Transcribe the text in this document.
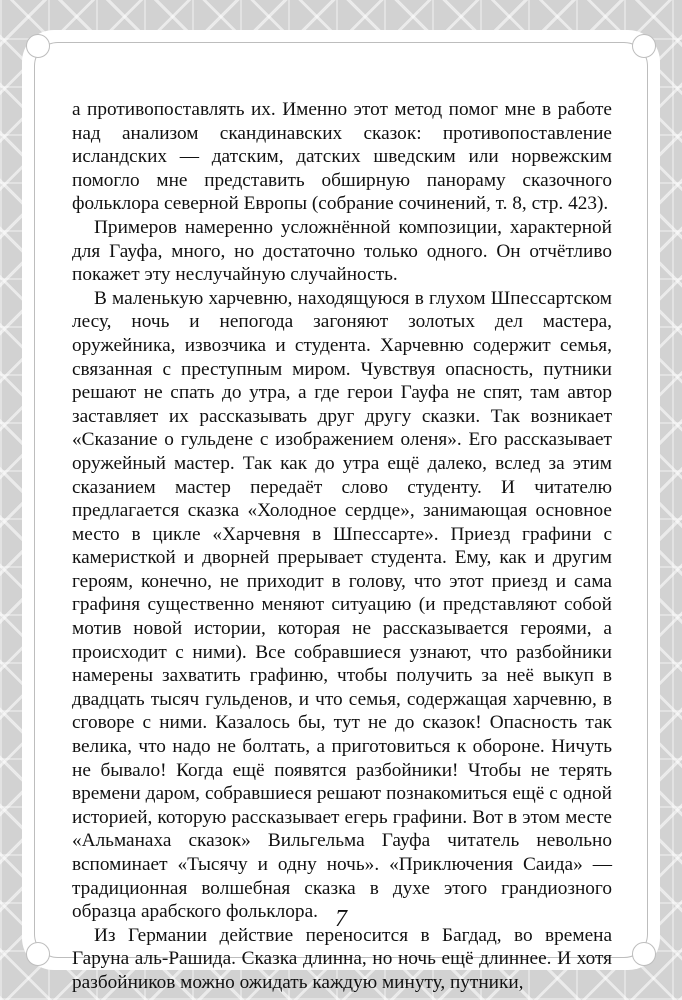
а противопоставлять их. Именно этот метод помог мне в работе над анализом скандинавских сказок: противопоставление исландских — датским, датских шведским или норвежским помогло мне представить обширную панораму сказочного фольклора северной Европы (собрание сочинений, т. 8, стр. 423).

Примеров намеренно усложнённой композиции, характерной для Гауфа, много, но достаточно только одного. Он отчётливо покажет эту неслучайную случайность.

В маленькую харчевню, находящуюся в глухом Шпессартском лесу, ночь и непогода загоняют золотых дел мастера, оружейника, извозчика и студента. Харчевню содержит семья, связанная с преступным миром. Чувствуя опасность, путники решают не спать до утра, а где герои Гауфа не спят, там автор заставляет их рассказывать друг другу сказки. Так возникает «Сказание о гульдене с изображением оленя». Его рассказывает оружейный мастер. Так как до утра ещё далеко, вслед за этим сказанием мастер передаёт слово студенту. И читателю предлагается сказка «Холодное сердце», занимающая основное место в цикле «Харчевня в Шпессарте». Приезд графини с камеристкой и дворней прерывает студента. Ему, как и другим героям, конечно, не приходит в голову, что этот приезд и сама графиня существенно меняют ситуацию (и представляют собой мотив новой истории, которая не рассказывается героями, а происходит с ними). Все собравшиеся узнают, что разбойники намерены захватить графиню, чтобы получить за неё выкуп в двадцать тысяч гульденов, и что семья, содержащая харчевню, в сговоре с ними. Казалось бы, тут не до сказок! Опасность так велика, что надо не болтать, а приготовиться к обороне. Ничуть не бывало! Когда ещё появятся разбойники! Чтобы не терять времени даром, собравшиеся решают познакомиться ещё с одной историей, которую рассказывает егерь графини. Вот в этом месте «Альманаха сказок» Вильгельма Гауфа читатель невольно вспоминает «Тысячу и одну ночь». «Приключения Саида» — традиционная волшебная сказка в духе этого грандиозного образца арабского фольклора.

Из Германии действие переносится в Багдад, во времена Гаруна аль-Рашида. Сказка длинна, но ночь ещё длиннее. И хотя разбойников можно ожидать каждую минуту, путники,

7
